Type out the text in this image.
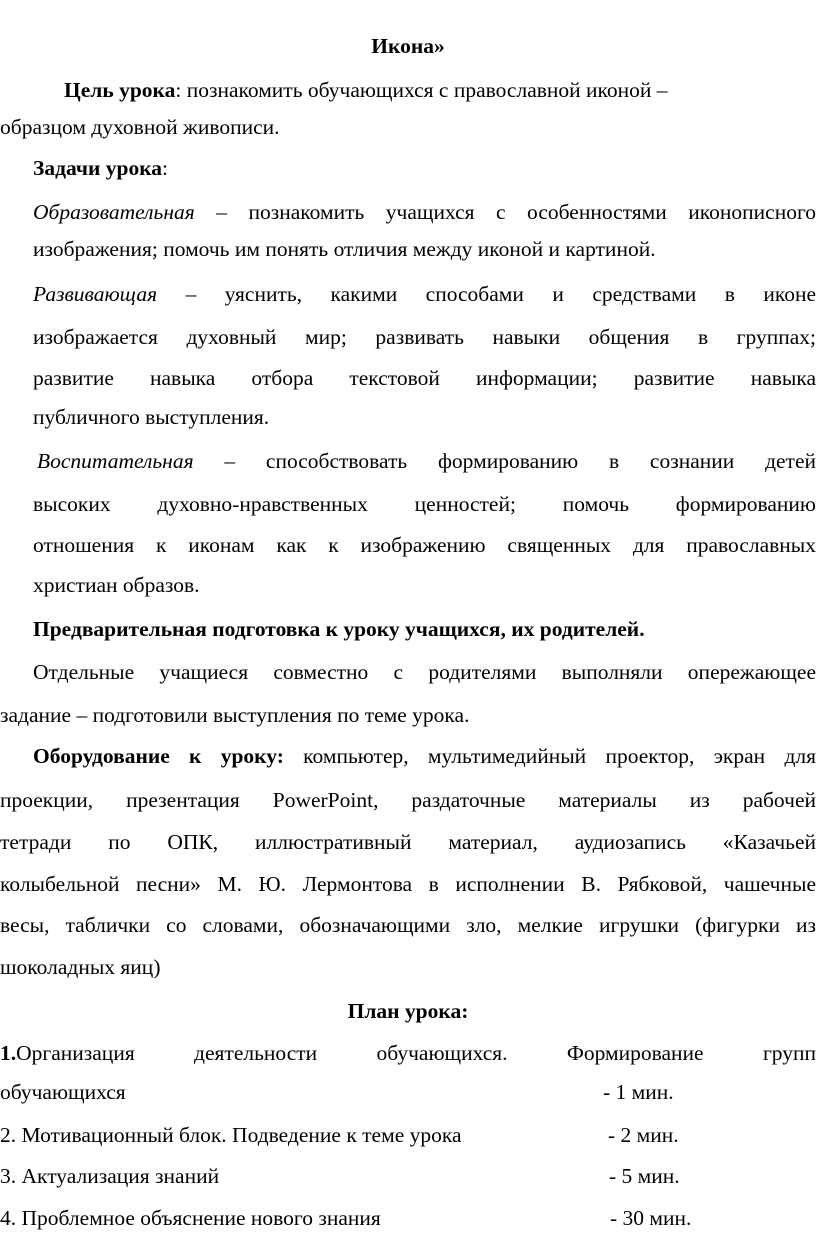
Икона»
Цель урока: познакомить обучающихся с православной иконой –
образцом духовной живописи.
Задачи урока:
Образовательная – познакомить учащихся с особенностями иконописного
изображения; помочь им понять отличия между иконой и картиной.
Развивающая – уяснить, какими способами и средствами в иконе
изображается духовный мир; развивать навыки общения в группах;
развитие навыка отбора текстовой информации; развитие навыка
публичного выступления.
Воспитательная – способствовать формированию в сознании детей
высоких духовно-нравственных ценностей; помочь формированию
отношения к иконам как к изображению священных для православных
христиан образов.
Предварительная подготовка к уроку учащихся, их родителей.
Отдельные учащиеся совместно с родителями выполняли опережающее
задание – подготовили выступления по теме урока.
Оборудование к уроку: компьютер, мультимедийный проектор, экран для
проекции, презентация PowerPoint, раздаточные материалы из рабочей
тетради по ОПК, иллюстративный материал, аудиозапись «Казачьей
колыбельной песни» М. Ю. Лермонтова в исполнении В. Рябковой, чашечные
весы, таблички со словами, обозначающими зло, мелкие игрушки (фигурки из
шоколадных яиц)
План урока:
1.Организация деятельности обучающихся. Формирование групп
обучающихся	- 1 мин.
2. Мотивационный блок. Подведение к теме урока	- 2 мин.
3. Актуализация знаний	- 5 мин.
4. Проблемное объяснение нового знания	- 30 мин.
